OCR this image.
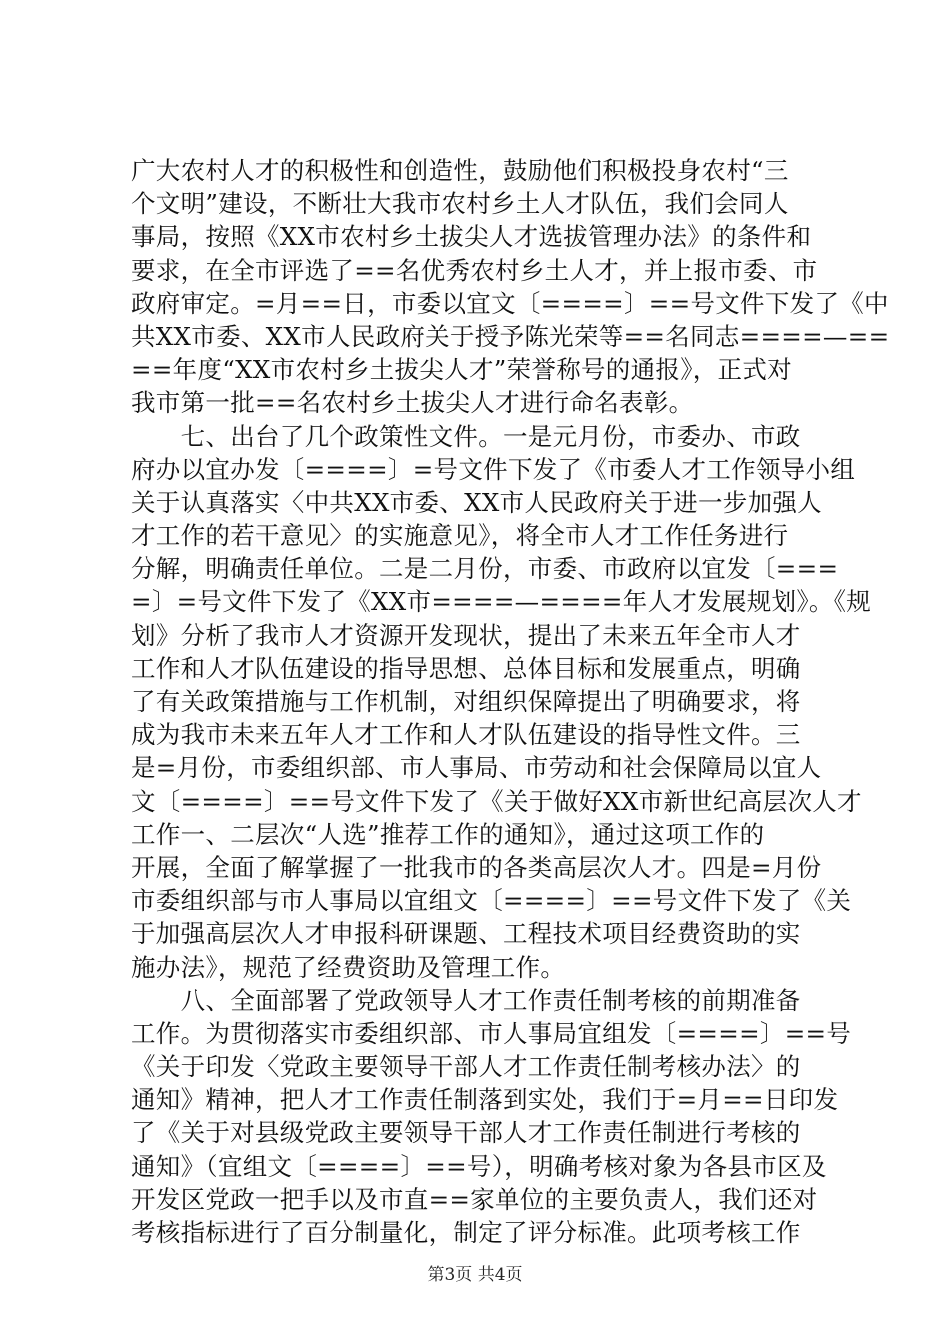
广大农村人才的积极性和创造性，鼓励他们积极投身农村“三
个文明”建设，不断壮大我市农村乡土人才队伍，我们会同人
事局，按照《XX市农村乡土拔尖人才选拔管理办法》的条件和
要求，在全市评选了==名优秀农村乡土人才，并上报市委、市
政府审定。=月==日，市委以宜文〔====〕==号文件下发了《中
共XX市委、XX市人民政府关于授予陈光荣等==名同志====—==
==年度“XX市农村乡土拔尖人才”荣誉称号的通报》，正式对
我市第一批==名农村乡土拔尖人才进行命名表彰。
　　七、出台了几个政策性文件。一是元月份，市委办、市政
府办以宜办发〔====〕=号文件下发了《市委人才工作领导小组
关于认真落实〈中共XX市委、XX市人民政府关于进一步加强人
才工作的若干意见〉的实施意见》，将全市人才工作任务进行
分解，明确责任单位。二是二月份，市委、市政府以宜发〔===
=〕=号文件下发了《XX市====—====年人才发展规划》。《规
划》分析了我市人才资源开发现状，提出了未来五年全市人才
工作和人才队伍建设的指导思想、总体目标和发展重点，明确
了有关政策措施与工作机制，对组织保障提出了明确要求，将
成为我市未来五年人才工作和人才队伍建设的指导性文件。三
是=月份，市委组织部、市人事局、市劳动和社会保障局以宜人
文〔====〕==号文件下发了《关于做好XX市新世纪高层次人才
工作一、二层次“人选”推荐工作的通知》，通过这项工作的
开展，全面了解掌握了一批我市的各类高层次人才。四是=月份
市委组织部与市人事局以宜组文〔====〕==号文件下发了《关
于加强高层次人才申报科研课题、工程技术项目经费资助的实
施办法》，规范了经费资助及管理工作。
　　八、全面部署了党政领导人才工作责任制考核的前期准备
工作。为贯彻落实市委组织部、市人事局宜组发〔====〕==号
《关于印发〈党政主要领导干部人才工作责任制考核办法〉的
通知》精神，把人才工作责任制落到实处，我们于=月==日印发
了《关于对县级党政主要领导干部人才工作责任制进行考核的
通知》（宜组文〔====〕==号），明确考核对象为各县市区及
开发区党政一把手以及市直==家单位的主要负责人，我们还对
考核指标进行了百分制量化，制定了评分标准。此项考核工作
第3页 共4页
